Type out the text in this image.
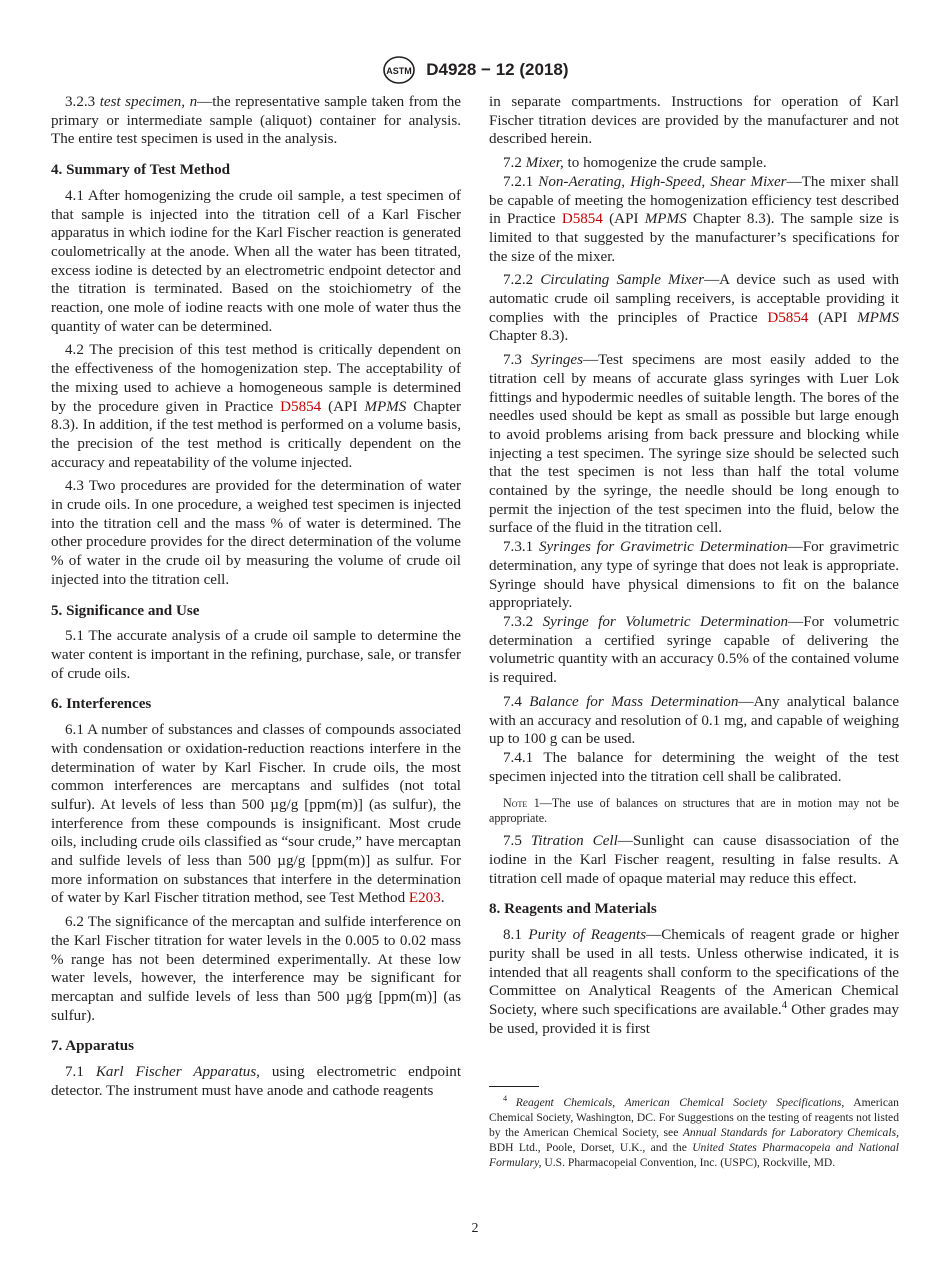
ASTM D4928 − 12 (2018)

3.2.3 test specimen, n—the representative sample taken from the primary or intermediate sample (aliquot) container for analysis. The entire test specimen is used in the analysis.

4. Summary of Test Method

4.1 After homogenizing the crude oil sample, a test specimen of that sample is injected into the titration cell of a Karl Fischer apparatus in which iodine for the Karl Fischer reaction is generated coulometrically at the anode. When all the water has been titrated, excess iodine is detected by an electrometric endpoint detector and the titration is terminated. Based on the stoichiometry of the reaction, one mole of iodine reacts with one mole of water thus the quantity of water can be determined.

4.2 The precision of this test method is critically dependent on the effectiveness of the homogenization step. The acceptability of the mixing used to achieve a homogeneous sample is determined by the procedure given in Practice D5854 (API MPMS Chapter 8.3). In addition, if the test method is performed on a volume basis, the precision of the test method is critically dependent on the accuracy and repeatability of the volume injected.

4.3 Two procedures are provided for the determination of water in crude oils. In one procedure, a weighed test specimen is injected into the titration cell and the mass % of water is determined. The other procedure provides for the direct determination of the volume % of water in the crude oil by measuring the volume of crude oil injected into the titration cell.

5. Significance and Use

5.1 The accurate analysis of a crude oil sample to determine the water content is important in the refining, purchase, sale, or transfer of crude oils.

6. Interferences

6.1 A number of substances and classes of compounds associated with condensation or oxidation-reduction reactions interfere in the determination of water by Karl Fischer. In crude oils, the most common interferences are mercaptans and sulfides (not total sulfur). At levels of less than 500 µg/g [ppm(m)] (as sulfur), the interference from these compounds is insignificant. Most crude oils, including crude oils classified as “sour crude,” have mercaptan and sulfide levels of less than 500 µg/g [ppm(m)] as sulfur. For more information on substances that interfere in the determination of water by Karl Fischer titration method, see Test Method E203.

6.2 The significance of the mercaptan and sulfide interference on the Karl Fischer titration for water levels in the 0.005 to 0.02 mass % range has not been determined experimentally. At these low water levels, however, the interference may be significant for mercaptan and sulfide levels of less than 500 µg⁄g [ppm(m)] (as sulfur).

7. Apparatus

7.1 Karl Fischer Apparatus, using electrometric endpoint detector. The instrument must have anode and cathode reagents

in separate compartments. Instructions for operation of Karl Fischer titration devices are provided by the manufacturer and not described herein.

7.2 Mixer, to homogenize the crude sample.

7.2.1 Non-Aerating, High-Speed, Shear Mixer—The mixer shall be capable of meeting the homogenization efficiency test described in Practice D5854 (API MPMS Chapter 8.3). The sample size is limited to that suggested by the manufacturer’s specifications for the size of the mixer.

7.2.2 Circulating Sample Mixer—A device such as used with automatic crude oil sampling receivers, is acceptable providing it complies with the principles of Practice D5854 (API MPMS Chapter 8.3).

7.3 Syringes—Test specimens are most easily added to the titration cell by means of accurate glass syringes with Luer Lok fittings and hypodermic needles of suitable length. The bores of the needles used should be kept as small as possible but large enough to avoid problems arising from back pressure and blocking while injecting a test specimen. The syringe size should be selected such that the test specimen is not less than half the total volume contained by the syringe, the needle should be long enough to permit the injection of the test specimen into the fluid, below the surface of the fluid in the titration cell.

7.3.1 Syringes for Gravimetric Determination—For gravimetric determination, any type of syringe that does not leak is appropriate. Syringe should have physical dimensions to fit on the balance appropriately.

7.3.2 Syringe for Volumetric Determination—For volumetric determination a certified syringe capable of delivering the volumetric quantity with an accuracy 0.5% of the contained volume is required.

7.4 Balance for Mass Determination—Any analytical balance with an accuracy and resolution of 0.1 mg, and capable of weighing up to 100 g can be used.

7.4.1 The balance for determining the weight of the test specimen injected into the titration cell shall be calibrated.

Note 1—The use of balances on structures that are in motion may not be appropriate.

7.5 Titration Cell—Sunlight can cause disassociation of the iodine in the Karl Fischer reagent, resulting in false results. A titration cell made of opaque material may reduce this effect.

8. Reagents and Materials

8.1 Purity of Reagents—Chemicals of reagent grade or higher purity shall be used in all tests. Unless otherwise indicated, it is intended that all reagents shall conform to the specifications of the Committee on Analytical Reagents of the American Chemical Society, where such specifications are available.$^4$ Other grades may be used, provided it is first

$^4$ Reagent Chemicals, American Chemical Society Specifications, American Chemical Society, Washington, DC. For Suggestions on the testing of reagents not listed by the American Chemical Society, see Annual Standards for Laboratory Chemicals, BDH Ltd., Poole, Dorset, U.K., and the United States Pharmacopeia and National Formulary, U.S. Pharmacopeial Convention, Inc. (USPC), Rockville, MD.

2
